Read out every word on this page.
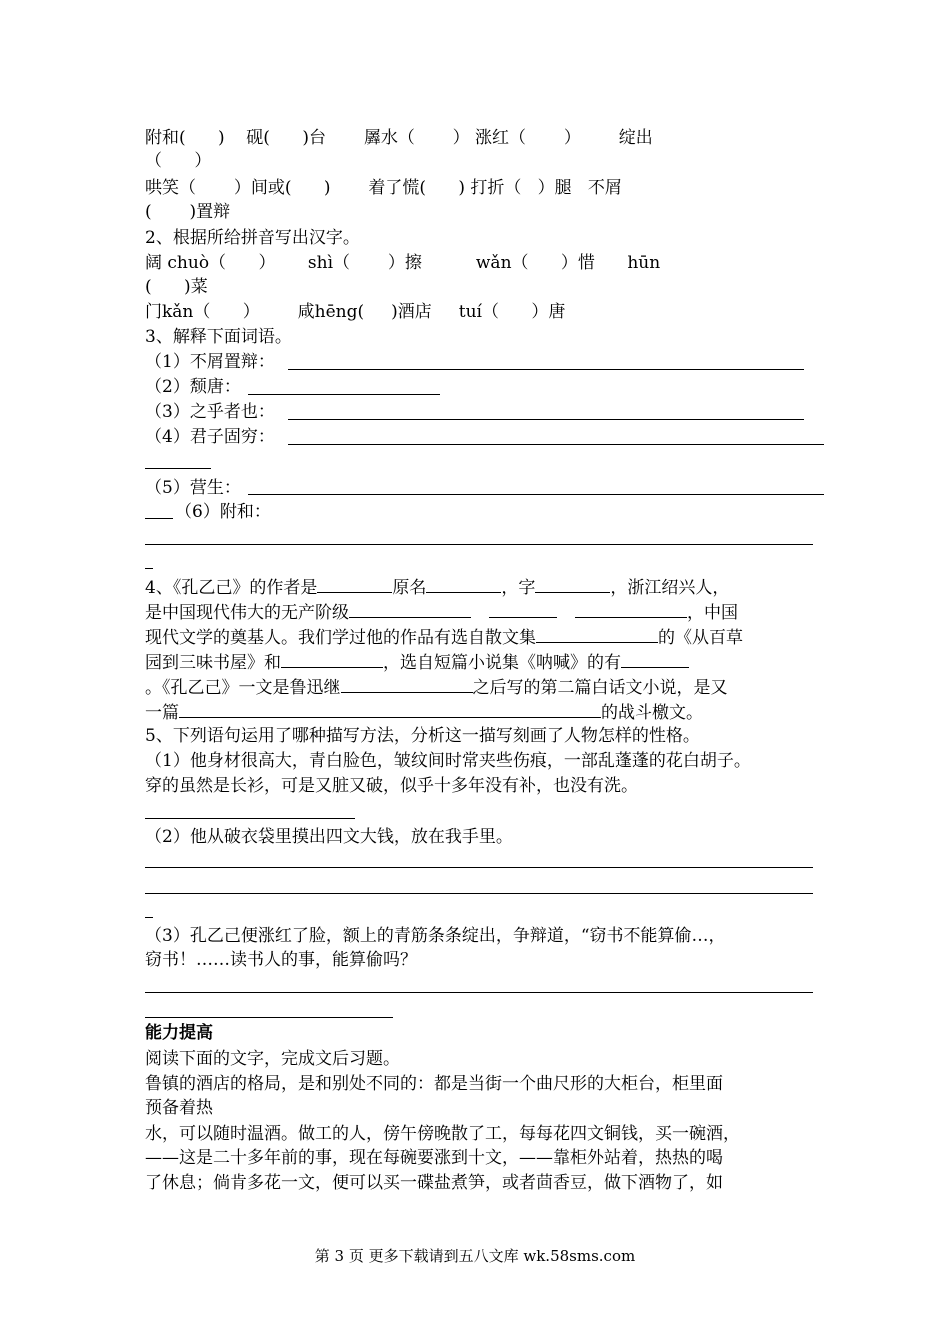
附和(      )    砚(      )台       羼水（       ） 涨红（       ）       绽出
（      ）
哄笑（       ）间或(      )       着了慌(      ) 打折（   ）腿   不屑
(       )置辩
2、根据所给拼音写出汉字。
阔 chuò（      ）      shì（       ）擦          wǎn（      ）惜      hūn
(      )菜
门kǎn（      ）       咸hēng(     )酒店     tuí（      ）唐
3、解释下面词语。
（1）不屑置辩：
（2）颓唐：
（3）之乎者也：
（4）君子固穷：
（5）营生：
（6）附和：
4、《孔乙己》的作者是	原名	，字	，浙江绍兴人，
是中国现代伟大的无产阶级	，中国
现代文学的奠基人。我们学过他的作品有选自散文集	的《从百草
园到三味书屋》和	，选自短篇小说集《呐喊》的有
。《孔乙己》一文是鲁迅继	之后写的第二篇白话文小说，是又
一篇	的战斗檄文。
5、下列语句运用了哪种描写方法，分析这一描写刻画了人物怎样的性格。
（1）他身材很高大，青白脸色，皱纹间时常夹些伤痕，一部乱蓬蓬的花白胡子。
穿的虽然是长衫，可是又脏又破，似乎十多年没有补，也没有洗。
（2）他从破衣袋里摸出四文大钱，放在我手里。
（3）孔乙己便涨红了脸，额上的青筋条条绽出，争辩道，“窃书不能算偷…，
窃书！……读书人的事，能算偷吗？
能力提高
阅读下面的文字，完成文后习题。
鲁镇的酒店的格局，是和别处不同的：都是当街一个曲尺形的大柜台，柜里面
预备着热
水，可以随时温酒。做工的人，傍午傍晚散了工，每每花四文铜钱，买一碗酒，
——这是二十多年前的事，现在每碗要涨到十文，——靠柜外站着，热热的喝
了休息；倘肯多花一文，便可以买一碟盐煮笋，或者茴香豆，做下酒物了，如
第 3 页 更多下载请到五八文库 wk.58sms.com
